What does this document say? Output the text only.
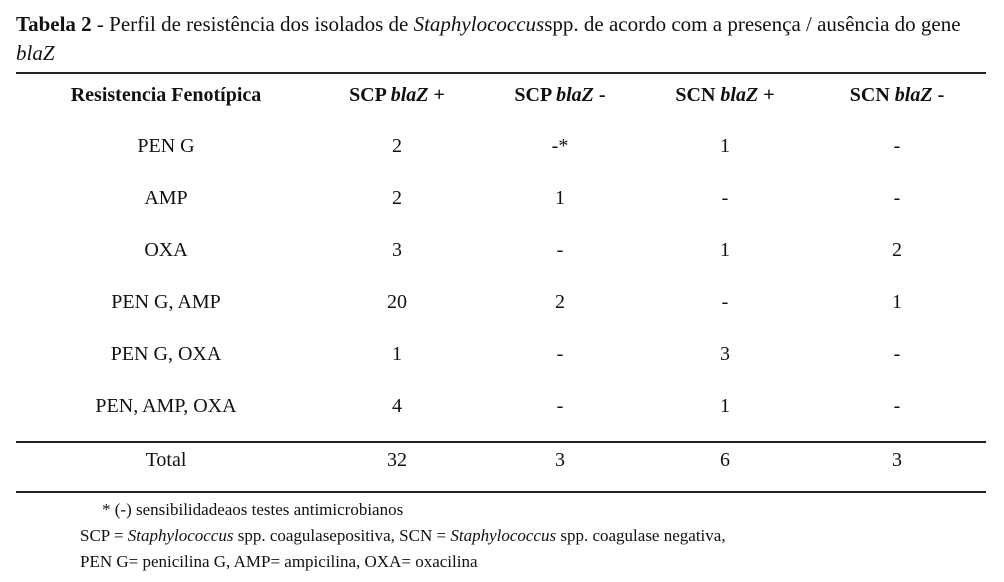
Tabela 2 - Perfil de resistência dos isolados de Staphylococcusspp. de acordo com a presença / ausência do gene blaZ
Resistencia Fenotípica	SCP blaZ +	SCP blaZ -	SCN blaZ +	SCN blaZ -
PEN G	2	-*	1	-
AMP	2	1	-	-
OXA	3	-	1	2
PEN G, AMP	20	2	-	1
PEN G, OXA	1	-	3	-
PEN, AMP, OXA	4	-	1	-
Total	32	3	6	3
* (-) sensibilidadeaos testes antimicrobianos
SCP = Staphylococcus spp. coagulasepositiva, SCN = Staphylococcus spp. coagulase negativa,
PEN G= penicilina G, AMP= ampicilina, OXA= oxacilina
